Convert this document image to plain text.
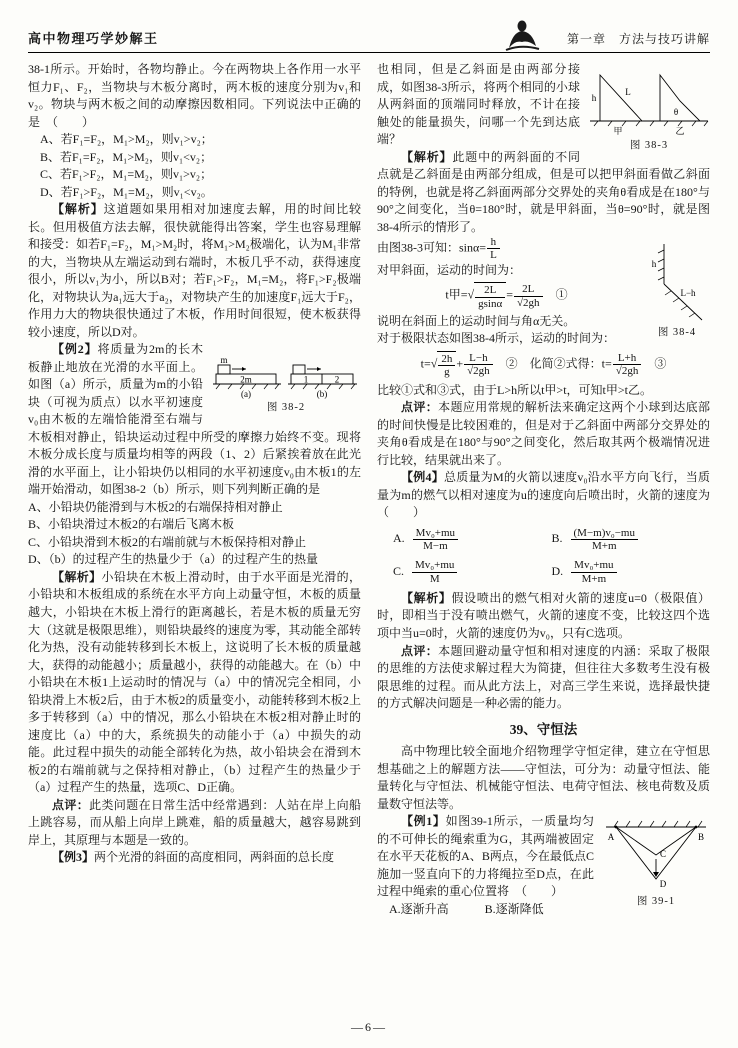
高中物理巧学妙解王	第一章　方法与技巧讲解
38-1所示。开始时，各物均静止。今在两物块上各作用一水平恒力F₁、F₂，当物块与木板分离时，两木板的速度分别为v₁和v₂。物块与两木板之间的动摩擦因数相同。下列说法中正确的是　（　　）
A、若F₁=F₂，M₁>M₂，则v₁>v₂；
B、若F₁=F₂，M₁>M₂，则v₁<v₂；
C、若F₁>F₂，M₁=M₂，则v₁>v₂；
D、若F₁>F₂，M₁=M₂，则v₁<v₂。
【解析】这道题如果用相对加速度去解，用的时间比较长。但用极值方法去解，很快就能得出答案，学生也容易理解和接受：如若F₁=F₂，M₁>M₂时，将M₁>M₂极端化，认为M₁非常的大，当物块从左端运动到右端时，木板几乎不动，获得速度很小，所以v₁为小，所以B对；若F₁>F₂，M₁=M₂，将F₁>F₂极端化，对物块认为a₁远大于a₂，对物块产生的加速度F₁远大于F₂，作用力大的物块很快通过了木板，作用时间很短，使木板获得较小速度，所以D对。
2m
m
(a)
1	2
(b)
图 38-2
【例2】将质量为2m的长木板静止地放在光滑的水平面上。如图（a）所示，质量为m的小铅块（可视为质点）以水平初速度v₀由木板的左端恰能滑至右端与木板相对静止，铅块运动过程中所受的摩擦力始终不变。现将木板分成长度与质量均相等的两段（1、2）后紧挨着放在此光滑的水平面上，让小铅块仍以相同的水平初速度v₀由木板1的左端开始滑动，如图38-2（b）所示，则下列判断正确的是
A、小铅块仍能滑到与木板2的右端保持相对静止
B、小铅块滑过木板2的右端后飞离木板
C、小铅块滑到木板2的右端前就与木板保持相对静止
D、（b）的过程产生的热量少于（a）的过程产生的热量
【解析】小铅块在木板上滑动时，由于水平面是光滑的，小铅块和木板组成的系统在水平方向上动量守恒，木板的质量越大，小铅块在木板上滑行的距离越长，若是木板的质量无穷大（这就是极限思维），则铅块最终的速度为零，其动能全部转化为热，没有动能转移到长木板上，这说明了长木板的质量越大，获得的动能越小；质量越小，获得的动能越大。在（b）中小铅块在木板1上运动时的情况与（a）中的情况完全相同，小铅块滑上木板2后，由于木板2的质量变小，动能转移到木板2上多于转移到（a）中的情况，那么小铅块在木板2相对静止时的速度比（a）中的大，系统损失的动能小于（a）中损失的动能。此过程中损失的动能全部转化为热，故小铅块会在滑到木板2的右端前就与之保持相对静止，（b）过程产生的热量少于（a）过程产生的热量，选项C、D正确。
点评：此类问题在日常生活中经常遇到：人站在岸上向船上跳容易，而从船上向岸上跳难，船的质量越大，越容易跳到岸上，其原理与本题是一致的。
【例3】两个光滑的斜面的高度相同，两斜面的总长度
h
L
甲
θ
乙
图 38-3
也相同，但是乙斜面是由两部分接成，如图38-3所示，将两个相同的小球从两斜面的顶端同时释放，不计在接触处的能量损失，问哪一个先到达底端？
【解析】此题中的两斜面的不同点就是乙斜面是由两部分组成，但是可以把甲斜面看做乙斜面的特例，也就是将乙斜面两部分交界处的夹角θ看成是在180°与90°之间变化，当θ=180°时，就是甲斜面，当θ=90°时，就是图38-4所示的情形了。
h
L−h
图 38-4
由图38-3可知：$\sin\alpha= \frac{h}{L}$
对甲斜面，运动的时间为：
t甲=√ $\frac{2L}{gsin\alpha} = \frac{2L}{√2gh}$ 　①
说明在斜面上的运动时间与角α无关。
对于极限状态如图38-4所示，运动的时间为：
$t=√ \frac{2h}{g} + \frac{L-h}{√2gh}$ 　②　化简②式得：$t= \frac{L+h}{√2gh}$ 　③
比较①式和③式，由于L>h所以t甲>t，可知t甲>t乙。
点评：本题应用常规的解析法来确定这两个小球到达底部的时间快慢是比较困难的，但是对于乙斜面中两部分交界处的夹角θ看成是在180°与90°之间变化，然后取其两个极端情况进行比较，结果就出来了。
【例4】总质量为M的火箭以速度v₀沿水平方向飞行，当质量为m的燃气以相对速度为u的速度向后喷出时，火箭的速度为　（　　）
A. $\frac{\text{Mv₀+mu}}{M-m}$	B. $\frac{\text{(M−m)v₀−mu}}{M+m}$
C. $\frac{\text{Mv₀+mu}}{M}$	D. $\frac{\text{Mv₀+mu}}{M+m}$
【解析】假设喷出的燃气相对火箭的速度u=0（极限值）时，即相当于没有喷出燃气，火箭的速度不变，比较这四个选项中当u=0时，火箭的速度仍为v₀，只有C选项。
点评：本题回避动量守恒和相对速度的内涵：采取了极限的思维的方法使求解过程大为简捷，但往往大多数考生没有极限思维的过程。而从此方法上，对高三学生来说，选择最快捷的方式解决问题是一种必需的能力。
39、守恒法
高中物理比较全面地介绍物理学守恒定律，建立在守恒思想基础之上的解题方法——守恒法，可分为：动量守恒法、能量转化与守恒法、机械能守恒法、电荷守恒法、核电荷数及质量数守恒法等。
A	B
C
D
图 39-1
【例1】如图39-1所示，一质量均匀的不可伸长的绳索重为G，其两端被固定在水平天花板的A、B两点，今在最低点C施加一竖直向下的力将绳拉至D点，在此过程中绳索的重心位置将　（　　）
A.逐渐升高　　　B.逐渐降低
—6—
